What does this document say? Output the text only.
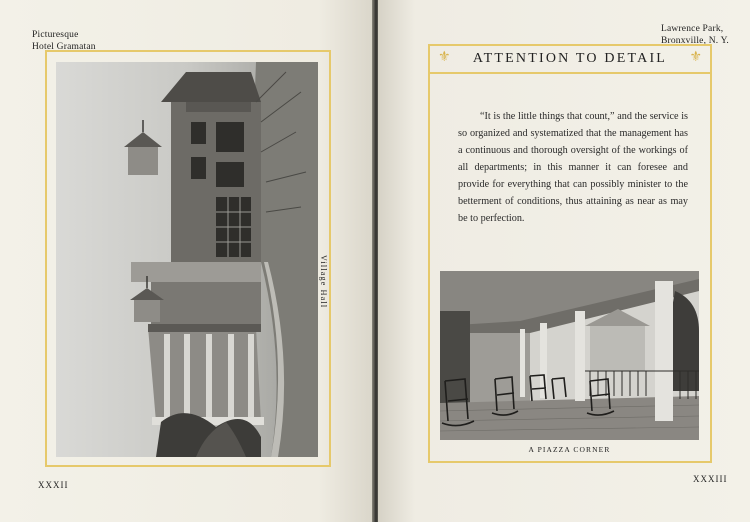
Picturesque
Hotel Gramatan
Village Hall
XXXII
Lawrence Park,
Bronxville, N. Y.
⚜	ATTENTION TO DETAIL	⚜

“It is the little things that count,” and the service is so organized and systematized that the management has a continuous and thorough oversight of the workings of all departments; in this manner it can foresee and provide for everything that can possibly minister to the betterment of conditions, thus attaining as near as may be to perfection.

A PIAZZA CORNER
XXXIII
